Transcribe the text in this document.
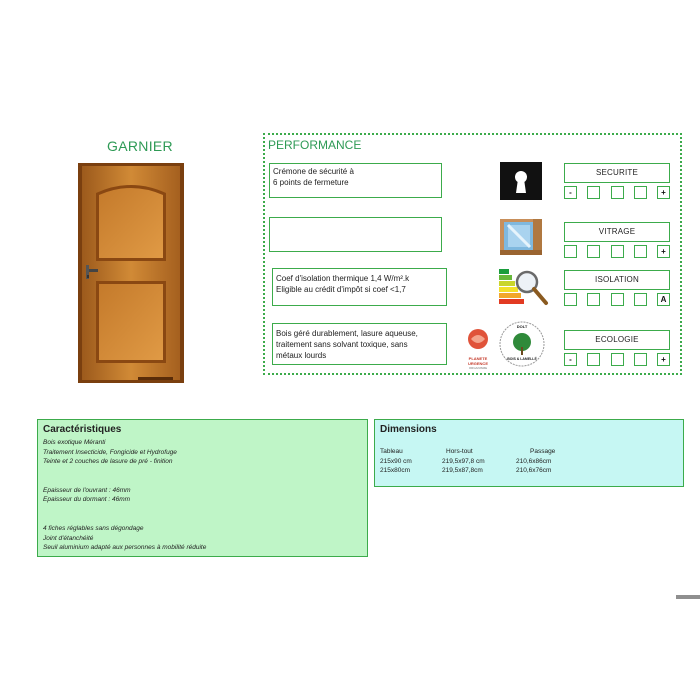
GARNIER	PERFORMANCE
Crémone de sécurité à
6 points de fermeture
Coef d'isolation thermique 1,4 W/m².k
Eligible au crédit d'impôt si coef <1,7
Bois géré durablement, lasure aqueuse,
traitement sans solvant toxique, sans
métaux lourds	PLANETE URGENCE
ORGANISME
DOLT
BOIS & LAMELLÉ
SECURITE
-	+
VITRAGE
+
ISOLATION
A
ECOLOGIE
-	+
Caractéristiques
Bois exotique Méranti
Traitement Insecticide, Fongicide et Hydrofuge
Teinte et 2 couches de lasure de pré - finition
Epaisseur de l'ouvrant : 46mm
Epaisseur du dormant : 46mm
4 fiches réglables sans dégondage
Joint d'étanchéité
Seuil aluminium adapté aux personnes à mobilité réduite
Dimensions
Tableau	Hors-tout	Passage
215x90 cm	219,5x97,8 cm	210,6x86cm
215x80cm	219,5x87,8cm	210,6x76cm
